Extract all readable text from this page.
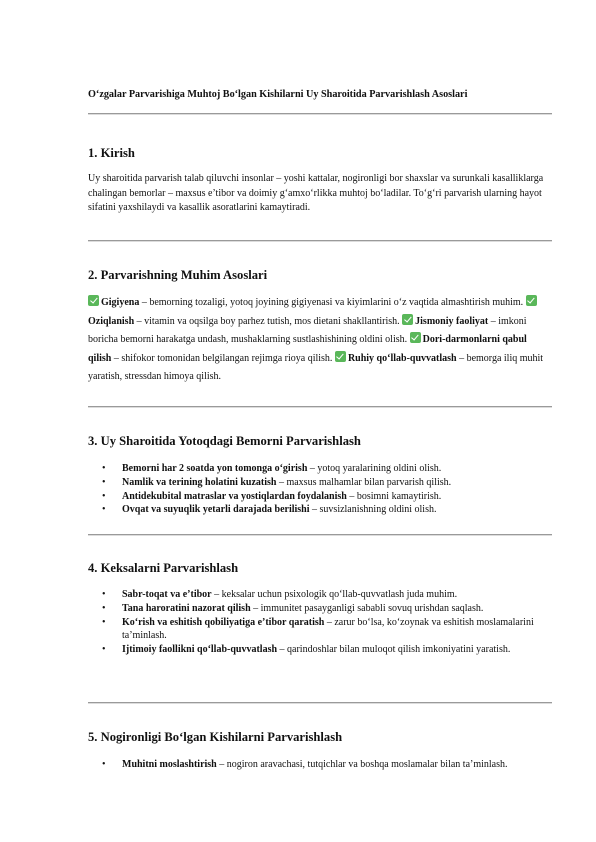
O‘zgalar Parvarishiga Muhtoj Bo‘lgan Kishilarni Uy Sharoitida Parvarishlash Asoslari
1. Kirish

Uy sharoitida parvarish talab qiluvchi insonlar – yoshi kattalar, nogironligi bor shaxslar va surunkali kasalliklarga chalingan bemorlar – maxsus e’tibor va doimiy g‘amxo‘rlikka muhtoj bo‘ladilar. To‘g‘ri parvarish ularning hayot sifatini yaxshilaydi va kasallik asoratlarini kamaytiradi.

2. Parvarishning Muhim Asoslari

Gigiyena – bemorning tozaligi, yotoq joyining gigiyenasi va kiyimlarini o‘z vaqtida almashtirish muhim. Oziqlanish – vitamin va oqsilga boy parhez tutish, mos dietani shakllantirish. Jismoniy faoliyat – imkoni boricha bemorni harakatga undash, mushaklarning sustlashishining oldini olish. Dori-darmonlarni qabul qilish – shifokor tomonidan belgilangan rejimga rioya qilish. Ruhiy qo‘llab-quvvatlash – bemorga iliq muhit yaratish, stressdan himoya qilish.

3. Uy Sharoitida Yotoqdagi Bemorni Parvarishlash
• Bemorni har 2 soatda yon tomonga o‘girish – yotoq yaralarining oldini olish.
• Namlik va terining holatini kuzatish – maxsus malhamlar bilan parvarish qilish.
• Antidekubital matraslar va yostiqlardan foydalanish – bosimni kamaytirish.
• Ovqat va suyuqlik yetarli darajada berilishi – suvsizlanishning oldini olish.
4. Keksalarni Parvarishlash
• Sabr-toqat va e’tibor – keksalar uchun psixologik qo‘llab-quvvatlash juda muhim.
• Tana haroratini nazorat qilish – immunitet pasayganligi sababli sovuq urishdan saqlash.
• Ko‘rish va eshitish qobiliyatiga e’tibor qaratish – zarur bo‘lsa, ko‘zoynak va eshitish moslamalarini ta’minlash.
• Ijtimoiy faollikni qo‘llab-quvvatlash – qarindoshlar bilan muloqot qilish imkoniyatini yaratish.
5. Nogironligi Bo‘lgan Kishilarni Parvarishlash
• Muhitni moslashtirish – nogiron aravachasi, tutqichlar va boshqa moslamalar bilan ta’minlash.
